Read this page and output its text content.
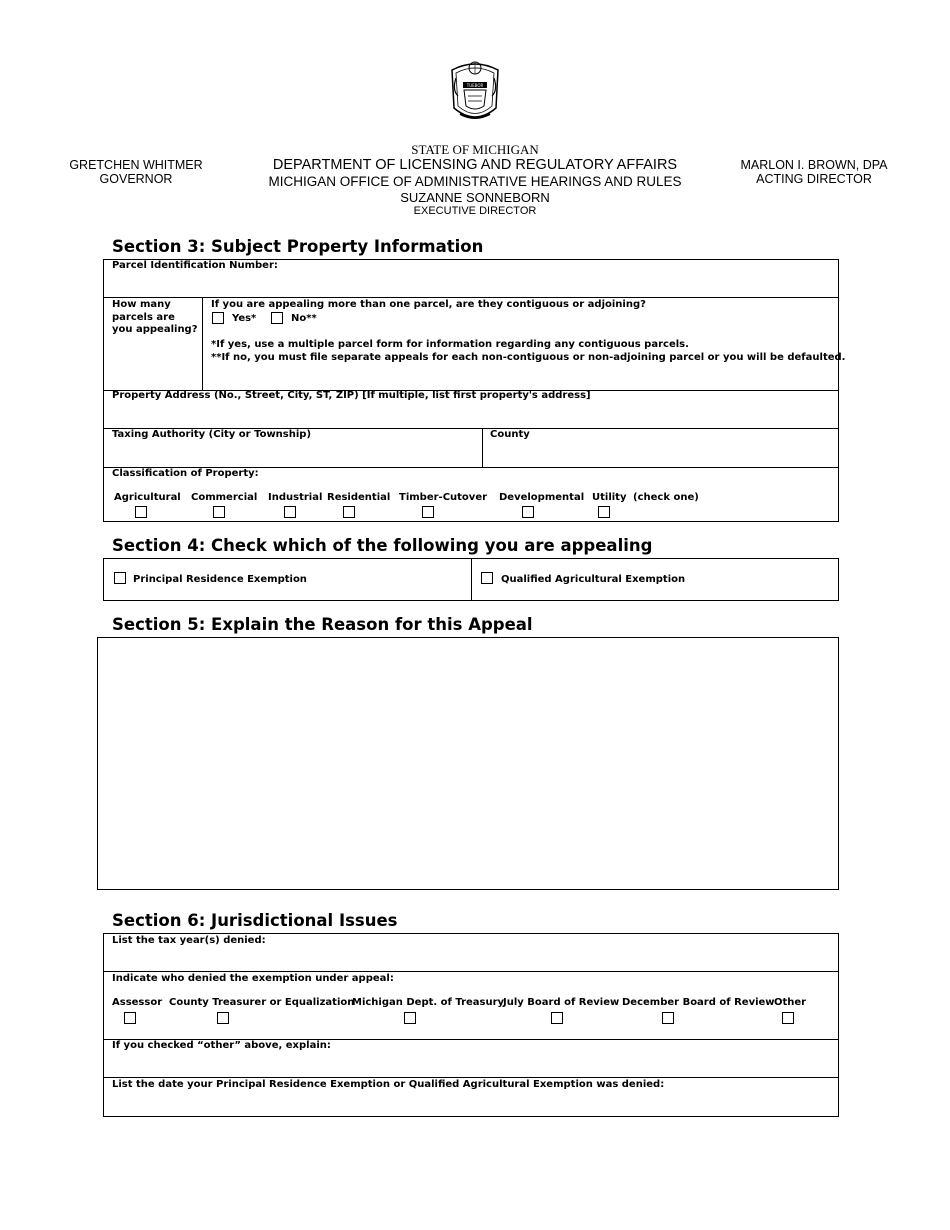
TUEBOR
GRETCHEN WHITMER
GOVERNOR
STATE OF MICHIGAN
DEPARTMENT OF LICENSING AND REGULATORY AFFAIRS
MICHIGAN OFFICE OF ADMINISTRATIVE HEARINGS AND RULES
SUZANNE SONNEBORN
EXECUTIVE DIRECTOR
MARLON I. BROWN, DPA
ACTING DIRECTOR
Section 3: Subject Property Information
Parcel Identification Number:
How many parcels are you appealing?
If you are appealing more than one parcel, are they contiguous or adjoining?
Yes*	No**
*If yes, use a multiple parcel form for information regarding any contiguous parcels.
**If no, you must file separate appeals for each non-contiguous or non-adjoining parcel or you will be defaulted.
Property Address (No., Street, City, ST, ZIP) [If multiple, list first property's address]
Taxing Authority (City or Township)	County
Classification of Property:
Agricultural Commercial Industrial Residential Timber-Cutover Developmental Utility (check one)
Section 4: Check which of the following you are appealing
Principal Residence Exemption	Qualified Agricultural Exemption
Section 5: Explain the Reason for this Appeal
Section 6: Jurisdictional Issues
List the tax year(s) denied:
Indicate who denied the exemption under appeal:
Assessor County Treasurer or Equalization
Michigan Dept. of Treasury
July Board of Review December Board of Review Other
If you checked “other” above, explain:
List the date your Principal Residence Exemption or Qualified Agricultural Exemption was denied:
